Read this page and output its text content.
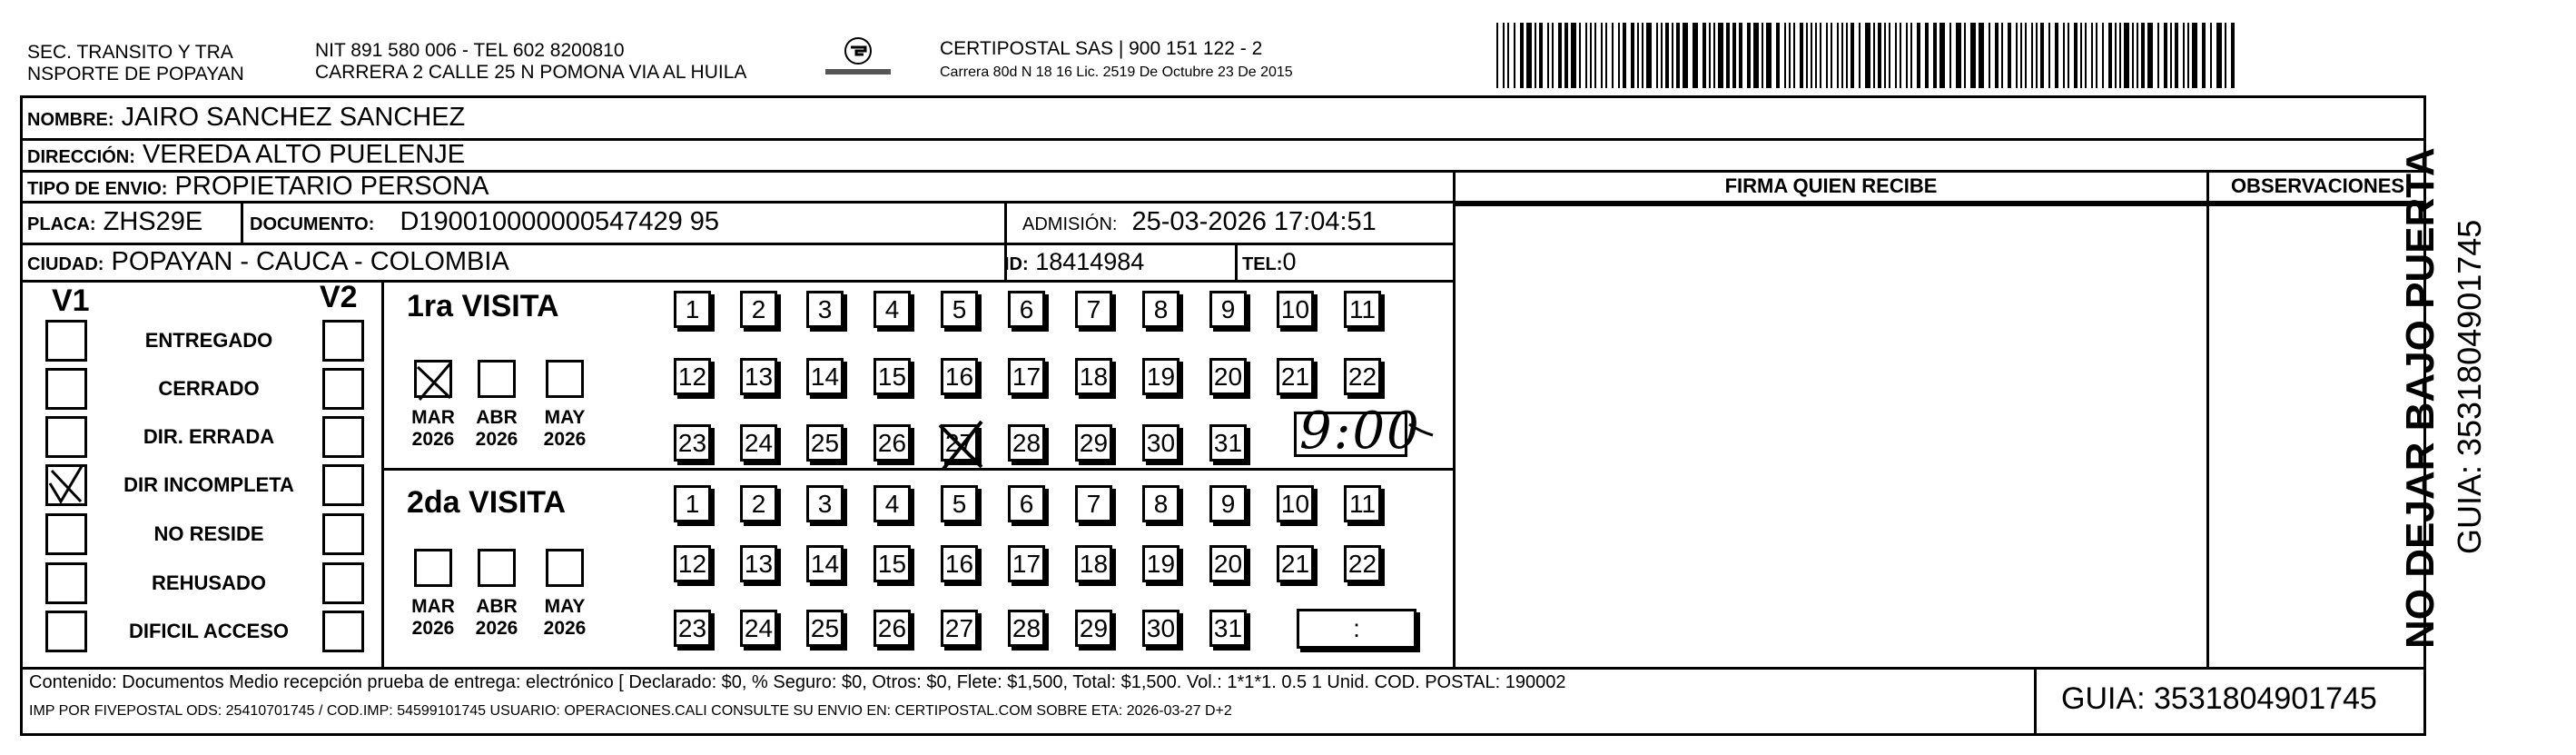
SEC. TRANSITO Y TRA
NSPORTE DE POPAYAN
NIT 891 580 006 - TEL 602 8200810
CARRERA 2 CALLE 25 N POMONA VIA AL HUILA
CERTIPOSTAL SAS | 900 151 122 - 2
Carrera 80d N 18 16 Lic. 2519 De Octubre 23 De 2015
NOMBRE: JAIRO SANCHEZ SANCHEZ
DIRECCIÓN: VEREDA ALTO PUELENJE
TIPO DE ENVIO: PROPIETARIO PERSONA
PLACA: ZHS29E	DOCUMENTO: D190010000000547429 95	ADMISIÓN: 25-03-2026 17:04:51
CIUDAD: POPAYAN - CAUCA - COLOMBIA	ID: 18414984	TEL:0
FIRMA QUIEN RECIBE	OBSERVACIONES
V1	V2
ENTREGADO
CERRADO
DIR. ERRADA
DIR INCOMPLETA
NO RESIDE
REHUSADO
DIFICIL ACCESO
1ra VISITA
2da VISITA
MAR
2026
ABR
2026
MAY
2026
MAR
2026
ABR
2026
MAY
2026
1	2	3	4	5	6	7	8	9	10 11
12 13 14 15 16 17 18 19 20 21 22
23 24 25 26 27 28 29 30 31
1	2	3	4	5	6	7	8	9	10 11
12 13 14 15 16 17 18 19 20 21 22
23 24 25 26 27 28 29 30 31
9:00
:	NO DEJAR BAJO PUERTA GUIA: 3531804901745
Contenido: Documentos Medio recepción prueba de entrega: electrónico [ Declarado: $0, % Seguro: $0, Otros: $0, Flete: $1,500, Total: $1,500. Vol.: 1*1*1. 0.5 1 Unid. COD. POSTAL: 190002
IMP POR FIVEPOSTAL ODS: 25410701745 / COD.IMP: 54599101745 USUARIO: OPERACIONES.CALI CONSULTE SU ENVIO EN: CERTIPOSTAL.COM SOBRE ETA: 2026-03-27 D+2	GUIA: 3531804901745
